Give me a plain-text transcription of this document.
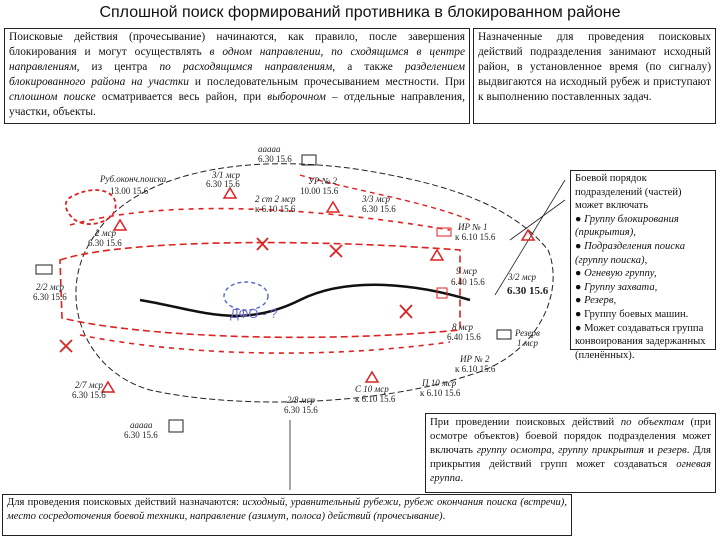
Сплошной поиск формирований противника в блокированном районе
Поисковые действия (прочесывание) начинаются, как правило, после завершения блокирования и могут осуществлять в одном направлении, по сходящимся в центре направлениям, из центра по расходящимся направлениям, а также разделением блокированного района на участки и последовательным прочесыванием местности. При сплошном поиске осматривается весь район, при выборочном – отдельные направления, участки, объекты.
Назначенные для проведения поисковых действий подразделения занимают исходный район, в установленное время (по сигналу) выдвигаются на исходный рубеж и приступают к выполнению поставленных задач.
ааааа
6.30 15.6
Руб.оконч.поиска
13.00 15.6
3/1 мср
6.30 15.6
2 ст 2 мср
к 6.10 15.6
УР № 2
10.00 15.6
3/3 мср
6.30 15.6
2 мср
6.30 15.6
2/2 мср
6.30 15.6
ИР № 1
к 6.10 15.6
9 мср
6.40 15.6	3/2 мср
6.30 15.6
Резерв
1 мср
8 мср
6.40 15.6
ДФО - ?
ИР № 2
к 6.10 15.6
2/7 мср
6.30 15.6	2/8 мср
6.30 15.6
С 10 мср
к 6.10 15.6
П 10 мср
к 6.10 15.6
ааааа
6.30 15.6
Боевой порядок подразделений (частей) может включать
● Группу блокирования (прикрытия),
● Подразделения поиска (группу поиска),
● Огневую группу,
● Группу захвата,
● Резерв,
● Группу боевых машин.
● Может создаваться группа конвоирования задержанных (пленённых).
При проведении поисковых действий по объектам (при осмотре объектов) боевой порядок подразделения может включать группу осмотра, группу прикрытия и резерв. Для прикрытия действий групп может создаваться огневая группа.
Для проведения поисковых действий назначаются: исходный, уравнительный рубежи, рубеж окончания поиска (встречи), место сосредоточения боевой техники, направление (азимут, полоса) действий (прочесывание).
